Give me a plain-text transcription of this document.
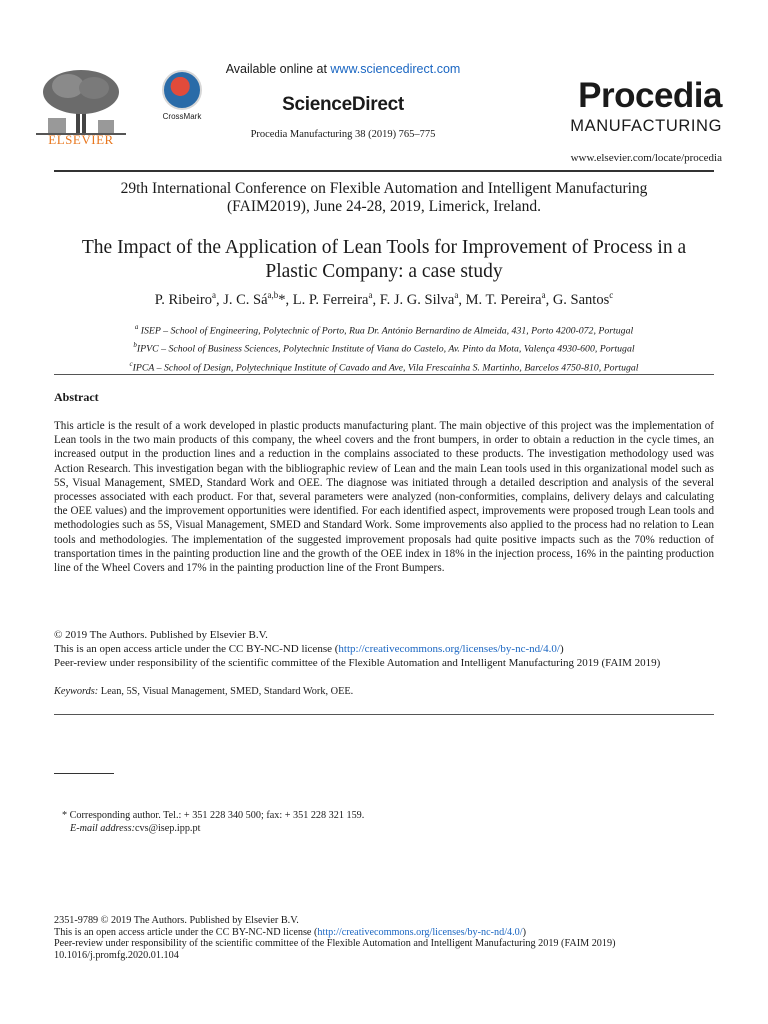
ELSEVIER
CrossMark
Available online at www.sciencedirect.com
ScienceDirect
Procedia Manufacturing 38 (2019) 765–775
Procedia
MANUFACTURING
www.elsevier.com/locate/procedia
29th International Conference on Flexible Automation and Intelligent Manufacturing
(FAIM2019), June 24-28, 2019, Limerick, Ireland.
The Impact of the Application of Lean Tools for Improvement of Process in a
Plastic Company: a case study
P. Ribeiro$^a$, J. C. Sá$^{a,b}$*, L. P. Ferreira$^a$, F. J. G. Silva$^a$, M. T. Pereira$^a$, G. Santos$^c$
$^a$ ISEP – School of Engineering, Polytechnic of Porto, Rua Dr. António Bernardino de Almeida, 431, Porto 4200-072, Portugal
$^b$IPVC – School of Business Sciences, Polytechnic Institute of Viana do Castelo, Av. Pinto da Mota, Valença 4930-600, Portugal
$^c$IPCA – School of Design, Polytechnique Institute of Cavado and Ave, Vila Frescaínha S. Martinho, Barcelos 4750-810, Portugal
Abstract
This article is the result of a work developed in plastic products manufacturing plant. The main objective of this project was the implementation of Lean tools in the two main products of this company, the wheel covers and the front bumpers, in order to obtain a reduction in the cycle times, an increased output in the production lines and a reduction in the complains associated to these products. The investigation methodology used was Action Research. This investigation began with the bibliographic review of Lean and the main Lean tools used in this organizational model such as 5S, Visual Management, SMED, Standard Work and OEE. The diagnose was initiated through a detailed description and analysis of the several processes associated with each product. For that, several parameters were analyzed (non-conformities, complains, delivery delays and calculating the OEE values) and the improvement opportunities were identified. For each identified aspect, improvements were proposed trough Lean tools and methodologies such as 5S, Visual Management, SMED and Standard Work. Some improvements also applied to the process had no relation to Lean tools and methodologies. The implementation of the suggested improvement proposals had quite positive impacts such as the 70% reduction of transportation times in the painting production line and the growth of the OEE index in 18% in the injection process, 16% in the painting production line of the Wheel Covers and 17% in the painting production line of the Front Bumpers.
© 2019 The Authors. Published by Elsevier B.V.
This is an open access article under the CC BY-NC-ND license (http://creativecommons.org/licenses/by-nc-nd/4.0/)
Peer-review under responsibility of the scientific committee of the Flexible Automation and Intelligent Manufacturing 2019 (FAIM 2019)
Keywords: Lean, 5S, Visual Management, SMED, Standard Work, OEE.
* Corresponding author. Tel.: + 351 228 340 500; fax: + 351 228 321 159.
E-mail address:cvs@isep.ipp.pt
2351-9789 © 2019 The Authors. Published by Elsevier B.V.
This is an open access article under the CC BY-NC-ND license (http://creativecommons.org/licenses/by-nc-nd/4.0/)
Peer-review under responsibility of the scientific committee of the Flexible Automation and Intelligent Manufacturing 2019 (FAIM 2019)
10.1016/j.promfg.2020.01.104
